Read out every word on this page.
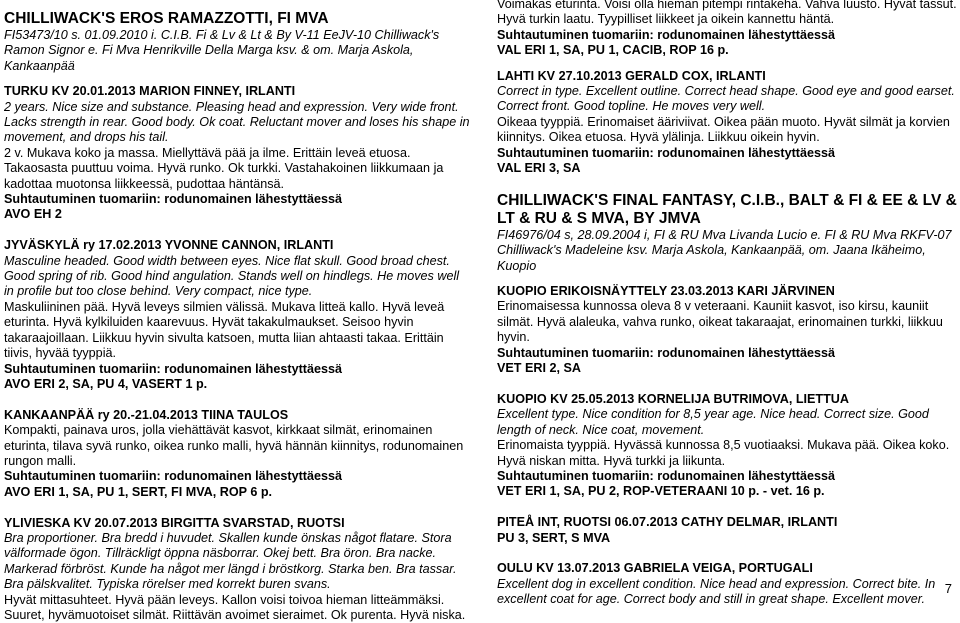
CHILLIWACK'S EROS RAMAZZOTTI, FI MVA

FI53473/10 s. 01.09.2010 i. C.I.B. Fi & Lv & Lt & By V-11 EeJV-10 Chilliwack's Ramon Signor e. Fi Mva Henrikville Della Marga ksv. & om. Marja Askola, Kankaanpää

TURKU KV 20.01.2013 MARION FINNEY, IRLANTI

2 years. Nice size and substance. Pleasing head and expression. Very wide front. Lacks strength in rear. Good body. Ok coat. Reluctant mover and loses his shape in movement, and drops his tail.

2 v. Mukava koko ja massa. Miellyttävä pää ja ilme. Erittäin leveä etuosa. Takaosasta puuttuu voima. Hyvä runko. Ok turkki. Vastahakoinen liikkumaan ja kadottaa muotonsa liikkeessä, pudottaa häntänsä.

Suhtautuminen tuomariin: rodunomainen lähestyttäessä

AVO EH 2

JYVÄSKYLÄ ry 17.02.2013 YVONNE CANNON, IRLANTI

Masculine headed. Good width between eyes. Nice flat skull. Good broad chest. Good spring of rib. Good hind angulation. Stands well on hindlegs. He moves well in profile but too close behind. Very compact, nice type.

Maskuliininen pää. Hyvä leveys silmien välissä. Mukava litteä kallo. Hyvä leveä eturinta. Hyvä kylkiluiden kaarevuus. Hyvät takakulmaukset. Seisoo hyvin takaraajoillaan. Liikkuu hyvin sivulta katsoen, mutta liian ahtaasti takaa. Erittäin tiivis, hyvää tyyppiä.

Suhtautuminen tuomariin: rodunomainen lähestyttäessä

AVO ERI 2, SA, PU 4, VASERT 1 p.

KANKAANPÄÄ ry 20.-21.04.2013 TIINA TAULOS

Kompakti, painava uros, jolla viehättävät kasvot, kirkkaat silmät, erinomainen eturinta, tilava syvä runko, oikea runko malli, hyvä hännän kiinnitys, rodunomainen rungon malli.

Suhtautuminen tuomariin: rodunomainen lähestyttäessä

AVO ERI 1, SA, PU 1, SERT, FI MVA, ROP 6 p.

YLIVIESKA KV 20.07.2013 BIRGITTA SVARSTAD, RUOTSI

Bra proportioner. Bra bredd i huvudet. Skallen kunde önskas något flatare. Stora välformade ögon. Tillräckligt öppna näsborrar. Okej bett. Bra öron. Bra nacke. Markerad förbröst. Kunde ha något mer längd i bröstkorg. Starka ben. Bra tassar. Bra pälskvalitet. Typiska rörelser med korrekt buren svans.

Hyvät mittasuhteet. Hyvä pään leveys. Kallon voisi toivoa hieman litteämmäksi. Suuret, hyvämuotoiset silmät. Riittävän avoimet sieraimet. Ok purenta. Hyvä niska.

Voimakas eturinta. Voisi olla hieman pitempi rintakehä. Vahva luusto. Hyvät tassut. Hyvä turkin laatu. Tyypilliset liikkeet ja oikein kannettu häntä.

Suhtautuminen tuomariin: rodunomainen lähestyttäessä

VAL ERI 1, SA, PU 1, CACIB, ROP 16 p.

LAHTI KV 27.10.2013 GERALD COX, IRLANTI

Correct in type. Excellent outline. Correct head shape. Good eye and good earset. Correct front. Good topline. He moves very well.

Oikeaa tyyppiä. Erinomaiset ääriviivat. Oikea pään muoto. Hyvät silmät ja korvien kiinnitys. Oikea etuosa. Hyvä ylälinja. Liikkuu oikein hyvin.

Suhtautuminen tuomariin: rodunomainen lähestyttäessä

VAL ERI 3, SA

CHILLIWACK'S FINAL FANTASY, C.I.B., BALT & FI & EE & LV & LT & RU & S MVA, BY JMVA

FI46976/04 s, 28.09.2004 i, FI & RU Mva Livanda Lucio e. FI & RU Mva RKFV-07 Chilliwack's Madeleine ksv. Marja Askola, Kankaanpää, om. Jaana Ikäheimo, Kuopio

KUOPIO ERIKOISNÄYTTELY 23.03.2013 KARI JÄRVINEN

Erinomaisessa kunnossa oleva 8 v veteraani. Kauniit kasvot, iso kirsu, kauniit silmät. Hyvä alaleuka, vahva runko, oikeat takaraajat, erinomainen turkki, liikkuu hyvin.

Suhtautuminen tuomariin: rodunomainen lähestyttäessä

VET ERI 2, SA

KUOPIO KV 25.05.2013 KORNELIJA BUTRIMOVA, LIETTUA

Excellent type. Nice condition for 8,5 year age. Nice head. Correct size. Good length of neck. Nice coat, movement.

Erinomaista tyyppiä. Hyvässä kunnossa 8,5 vuotiaaksi. Mukava pää. Oikea koko. Hyvä niskan mitta. Hyvä turkki ja liikunta.

Suhtautuminen tuomariin: rodunomainen lähestyttäessä

VET ERI 1, SA, PU 2, ROP-VETERAANI 10 p. - vet. 16 p.

PITEÅ INT, RUOTSI 06.07.2013 CATHY DELMAR, IRLANTI

PU 3, SERT, S MVA

OULU KV 13.07.2013 GABRIELA VEIGA, PORTUGALI

Excellent dog in excellent condition. Nice head and expression. Correct bite. In excellent coat for age. Correct body and still in great shape. Excellent mover.

7
